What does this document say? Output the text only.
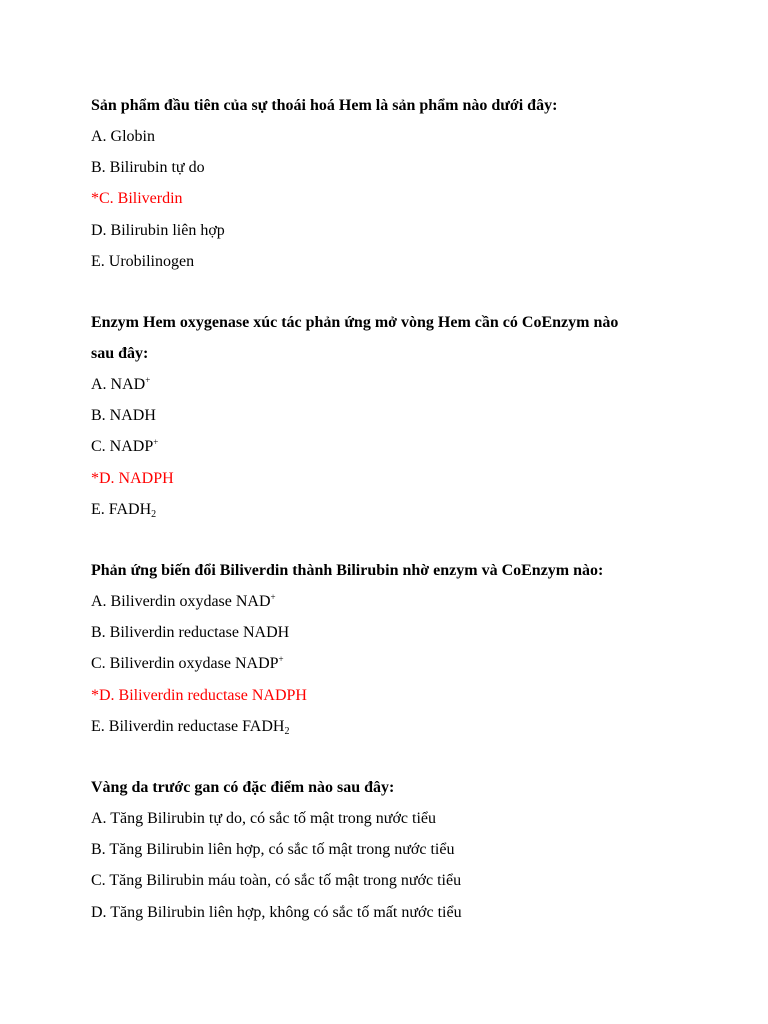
Sản phẩm đầu tiên của sự thoái hoá Hem là sản phẩm nào dưới đây:

A. Globin

B. Bilirubin tự do

*C. Biliverdin

D. Bilirubin liên hợp

E. Urobilinogen

Enzym Hem oxygenase xúc tác phản ứng mở vòng Hem cần có CoEnzym nào
sau đây:

A. NAD+

B. NADH

C. NADP+

*D. NADPH

E. $FADH_2$

Phản ứng biến đổi Biliverdin thành Bilirubin nhờ enzym và CoEnzym nào:

A. Biliverdin oxydase NAD+

B. Biliverdin reductase NADH

C. Biliverdin oxydase NADP+

*D. Biliverdin reductase NADPH

E. Biliverdin reductase $FADH_2$

Vàng da trước gan có đặc điểm nào sau đây:

A. Tăng Bilirubin tự do, có sắc tố mật trong nước tiểu

B. Tăng Bilirubin liên hợp, có sắc tố mật trong nước tiểu

C. Tăng Bilirubin máu toàn, có sắc tố mật trong nước tiểu

D. Tăng Bilirubin liên hợp, không có sắc tố mất nước tiểu
